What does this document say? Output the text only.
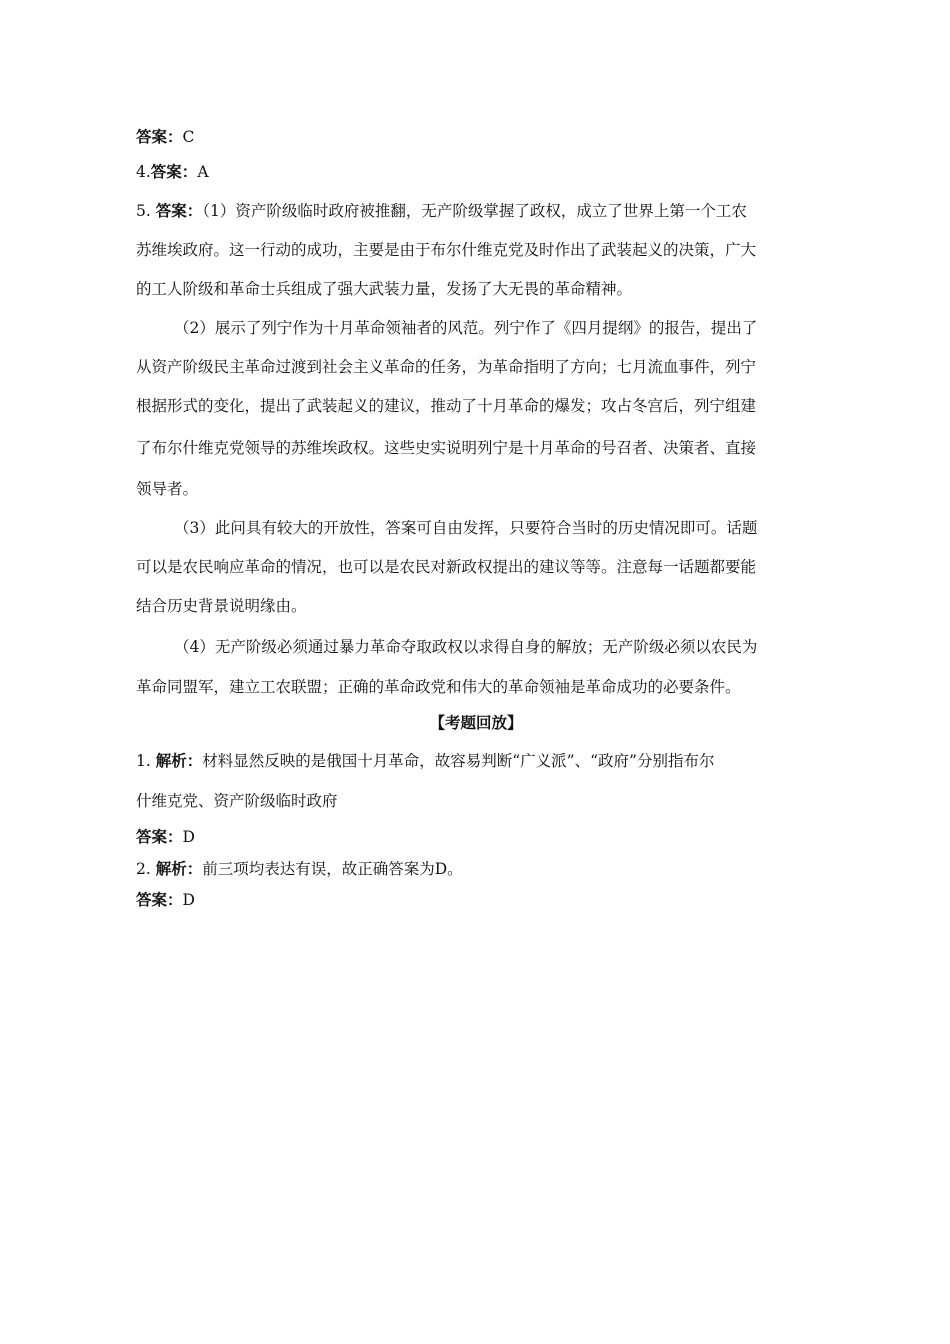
答案：C
4.答案：A
5. 答案：（1）资产阶级临时政府被推翻，无产阶级掌握了政权，成立了世界上第一个工农
苏维埃政府。这一行动的成功，主要是由于布尔什维克党及时作出了武装起义的决策，广大
的工人阶级和革命士兵组成了强大武装力量，发扬了大无畏的革命精神。
（2）展示了列宁作为十月革命领袖者的风范。列宁作了《四月提纲》的报告，提出了
从资产阶级民主革命过渡到社会主义革命的任务，为革命指明了方向；七月流血事件，列宁
根据形式的变化，提出了武装起义的建议，推动了十月革命的爆发；攻占冬宫后，列宁组建
了布尔什维克党领导的苏维埃政权。这些史实说明列宁是十月革命的号召者、决策者、直接
领导者。
（3）此问具有较大的开放性，答案可自由发挥，只要符合当时的历史情况即可。话题
可以是农民响应革命的情况，也可以是农民对新政权提出的建议等等。注意每一话题都要能
结合历史背景说明缘由。
（4）无产阶级必须通过暴力革命夺取政权以求得自身的解放；无产阶级必须以农民为
革命同盟军，建立工农联盟；正确的革命政党和伟大的革命领袖是革命成功的必要条件。
【考题回放】
1. 解析：材料显然反映的是俄国十月革命，故容易判断“广义派”、“政府”分别指布尔
什维克党、资产阶级临时政府
答案：D
2. 解析：前三项均表达有误，故正确答案为D。
答案：D
